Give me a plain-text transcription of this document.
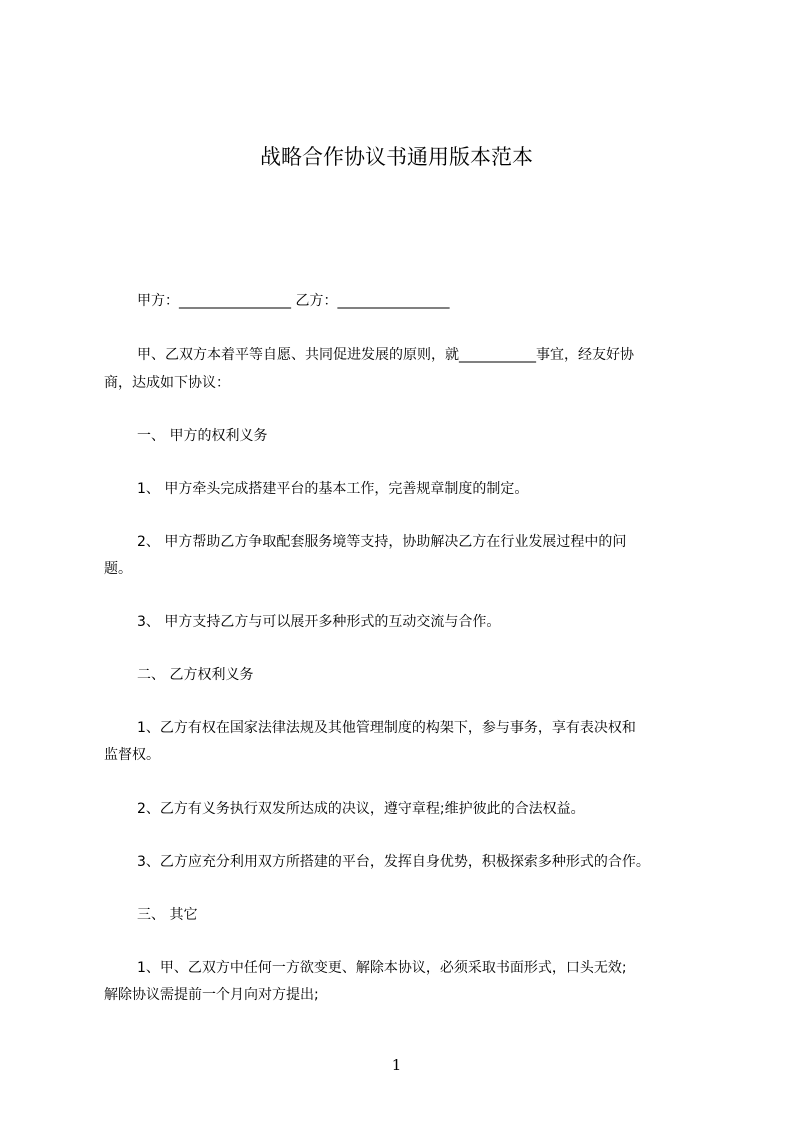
战略合作协议书通用版本范本
甲方：________________ 乙方：________________
甲、乙双方本着平等自愿、共同促进发展的原则，就___________事宜，经友好协
商，达成如下协议：
一、 甲方的权利义务
1、 甲方牵头完成搭建平台的基本工作，完善规章制度的制定。
2、 甲方帮助乙方争取配套服务境等支持，协助解决乙方在行业发展过程中的问
题。
3、 甲方支持乙方与可以展开多种形式的互动交流与合作。
二、 乙方权利义务
1、乙方有权在国家法律法规及其他管理制度的构架下，参与事务，享有表决权和
监督权。
2、乙方有义务执行双发所达成的决议，遵守章程;维护彼此的合法权益。
3、乙方应充分利用双方所搭建的平台，发挥自身优势，积极探索多种形式的合作。
三、 其它
1、甲、乙双方中任何一方欲变更、解除本协议，必须采取书面形式，口头无效;
解除协议需提前一个月向对方提出;
1
